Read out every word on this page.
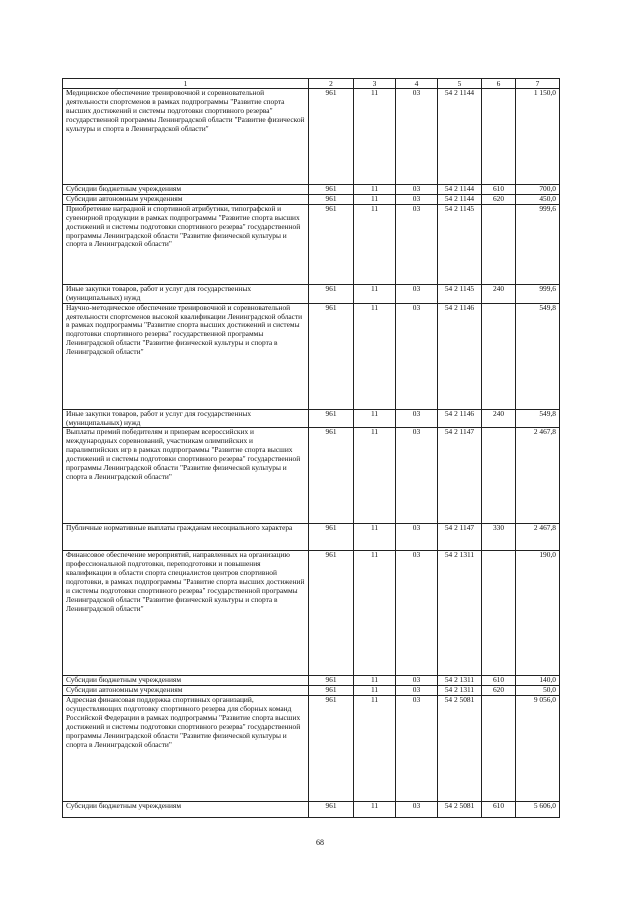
1	2	3	4	5	6	7
Медицинское обеспечение тренировочной и соревновательной деятельности спортсменов в рамках подпрограммы "Развитие спорта высших достижений и системы подготовки спортивного резерва" государственной программы Ленинградской области "Развитие физической культуры и спорта в Ленинградской области"	961	11	03	54 2 1144		1 150,0
Субсидии бюджетным учреждениям	961	11	03	54 2 1144	610	700,0
Субсидии автономным учреждениям	961	11	03	54 2 1144	620	450,0
Приобретение наградной и спортивной атрибутики, типографской и сувенирной продукции в рамках подпрограммы "Развитие спорта высших достижений и системы подготовки спортивного резерва" государственной программы Ленинградской области "Развитие физической культуры и спорта в Ленинградской области"	961	11	03	54 2 1145		999,6
Иные закупки товаров, работ и услуг для государственных (муниципальных) нужд	961	11	03	54 2 1145	240	999,6
Научно-методическое обеспечение тренировочной и соревновательной деятельности спортсменов высокой квалификации Ленинградской области в рамках подпрограммы "Развитие спорта высших достижений и системы подготовки спортивного резерва" государственной программы Ленинградской области "Развитие физической культуры и спорта в Ленинградской области"	961	11	03	54 2 1146		549,8
Иные закупки товаров, работ и услуг для государственных (муниципальных) нужд	961	11	03	54 2 1146	240	549,8
Выплаты премий победителям и призерам всероссийских и международных соревнований, участникам олимпийских и паралимпийских игр в рамках подпрограммы "Развитие спорта высших достижений и системы подготовки спортивного резерва" государственной программы Ленинградской области "Развитие физической культуры и спорта в Ленинградской области"	961	11	03	54 2 1147		2 467,8
Публичные нормативные выплаты гражданам несоциального характера	961	11	03	54 2 1147	330	2 467,8
Финансовое обеспечение мероприятий, направленных на организацию профессиональной подготовки, переподготовки и повышения квалификации в области спорта специалистов центров спортивной подготовки, в рамках подпрограммы "Развитие спорта высших достижений и системы подготовки спортивного резерва" государственной программы Ленинградской области "Развитие физической культуры и спорта в Ленинградской области"	961	11	03	54 2 1311		190,0
Субсидии бюджетным учреждениям	961	11	03	54 2 1311	610	140,0
Субсидии автономным учреждениям	961	11	03	54 2 1311	620	50,0
Адресная финансовая поддержка спортивных организаций, осуществляющих подготовку спортивного резерва для сборных команд Российской Федерации в рамках подпрограммы "Развитие спорта высших достижений и системы подготовки спортивного резерва" государственной программы Ленинградской области "Развитие физической культуры и спорта в Ленинградской области"	961	11	03	54 2 5081		9 056,0
Субсидии бюджетным учреждениям	961	11	03	54 2 5081	610	5 606,0
68
